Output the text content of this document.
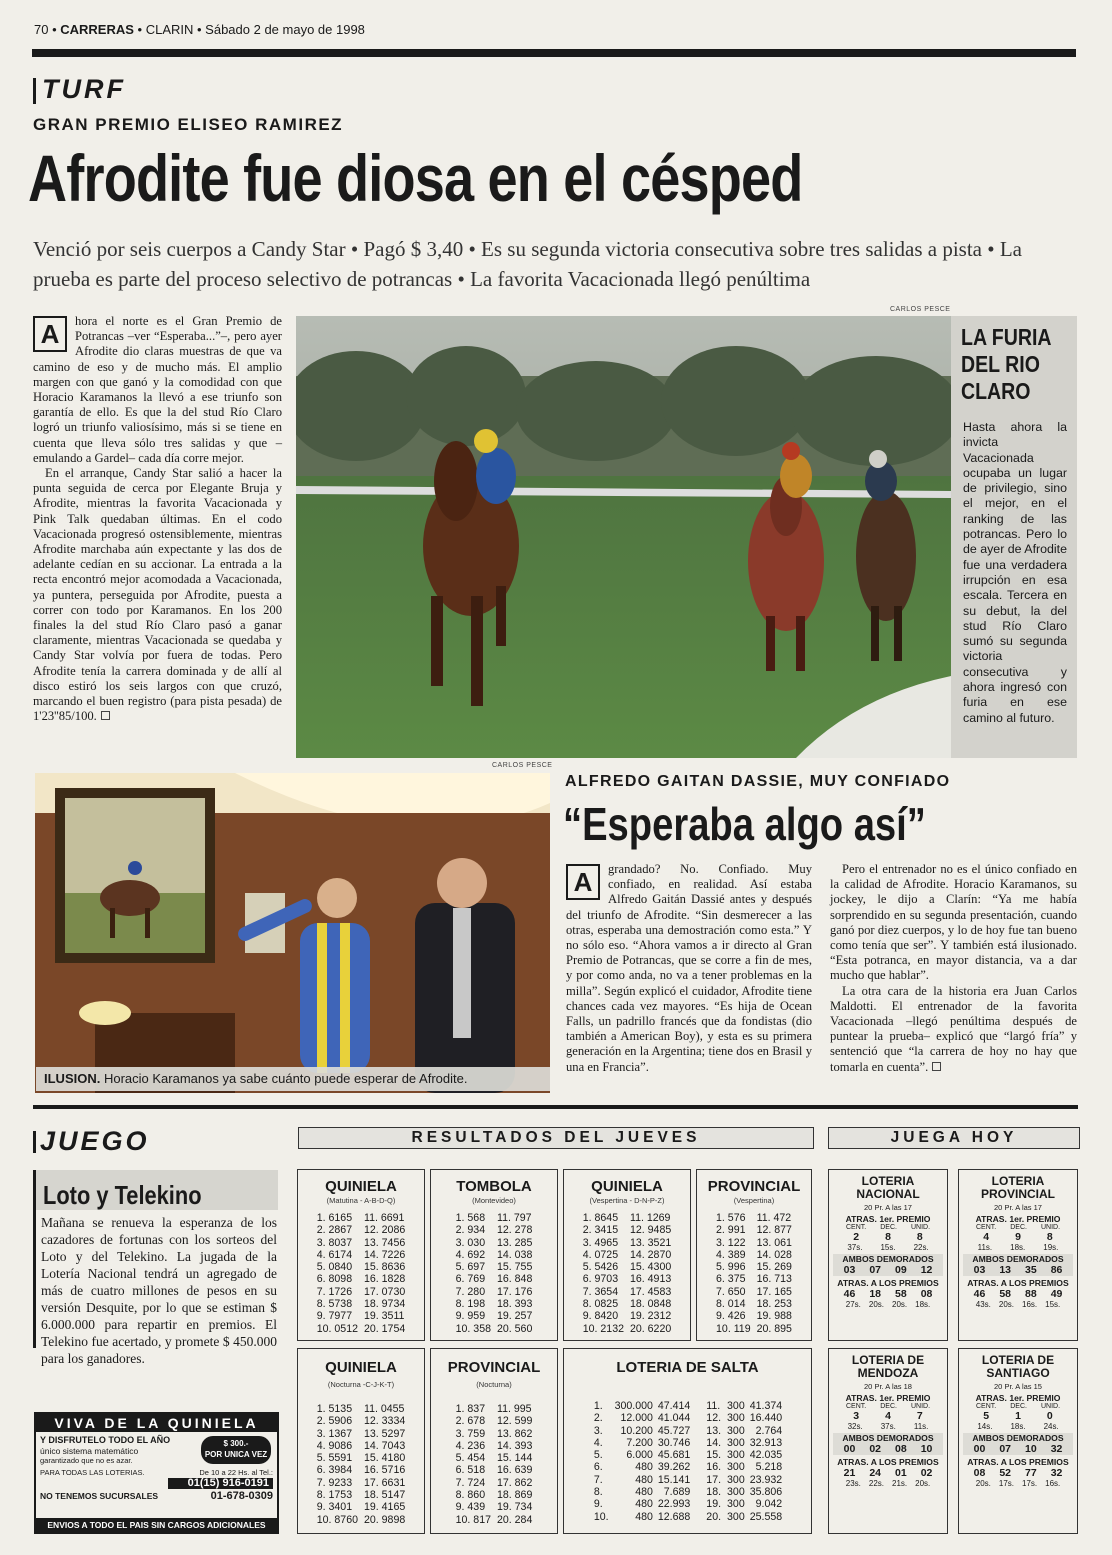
70 • CARRERAS • CLARIN • Sábado 2 de mayo de 1998
TURF
GRAN PREMIO ELISEO RAMIREZ
Afrodite fue diosa en el césped
Venció por seis cuerpos a Candy Star • Pagó $ 3,40 • Es su segunda victoria consecutiva sobre tres salidas a pista • La prueba es parte del proceso selectivo de potrancas • La favorita Vacacionada llegó penúltima

A	hora el norte es el Gran Premio de Potrancas –ver “Esperaba...”–, pero ayer Afrodite dio claras muestras de que va camino de eso y de mucho más. El amplio margen con que ganó y la comodidad con que Horacio Karamanos la llevó a ese triunfo son garantía de ello. Es que la del stud Río Claro logró un triunfo valiosísimo, más si se tiene en cuenta que lleva sólo tres salidas y que –emulando a Gardel– cada día corre mejor.

En el arranque, Candy Star salió a hacer la punta seguida de cerca por Elegante Bruja y Afrodite, mientras la favorita Vacacionada y Pink Talk quedaban últimas. En el codo Vacacionada progresó ostensiblemente, mientras Afrodite marchaba aún expectante y las dos de adelante cedían en su accionar. La entrada a la recta encontró mejor acomodada a Vacacionada, ya puntera, perseguida por Afrodite, puesta a correr con todo por Karamanos. En los 200 finales la del stud Río Claro pasó a ganar claramente, mientras Vacacionada se quedaba y Candy Star volvía por fuera de todas. Pero Afrodite tenía la carrera dominada y de allí al disco estiró los seis largos con que cruzó, marcando el buen registro (para pista pesada) de 1'23''85/100.

CARLOS PESCE
LA FURIA DEL RIO CLARO
Hasta ahora la invicta Vacacionada ocupaba un lugar de privilegio, sino el mejor, en el ranking de las potrancas. Pero lo de ayer de Afrodite fue una verdadera irrupción en esa escala. Tercera en su debut, la del stud Río Claro sumó su segunda victoria consecutiva y ahora ingresó con furia en ese camino al futuro.
CARLOS PESCE
ILUSION. Horacio Karamanos ya sabe cuánto puede esperar de Afrodite.
ALFREDO GAITAN DASSIE, MUY CONFIADO
“Esperaba algo así”

A	grandado? No. Confiado. Muy confiado, en realidad. Así estaba Alfredo Gaitán Dassié antes y después del triunfo de Afrodite. “Sin desmerecer a las otras, esperaba una demostración como esta.” Y no sólo eso. “Ahora vamos a ir directo al Gran Premio de Potrancas, que se corre a fin de mes, y por como anda, no va a tener problemas en la milla”. Según explicó el cuidador, Afrodite tiene chances cada vez mayores. “Es hija de Ocean Falls, un padrillo francés que da fondistas (dio también a American Boy), y esta es su primera generación en la Argentina; tiene dos en Brasil y una en Francia”.

Pero el entrenador no es el único confiado en la calidad de Afrodite. Horacio Karamanos, su jockey, le dijo a Clarín: “Ya me había sorprendido en su segunda presentación, cuando ganó por diez cuerpos, y lo de hoy fue tan bueno como tenía que ser”. Y también está ilusionado. “Esta potranca, en mayor distancia, va a dar mucho que hablar”.

La otra cara de la historia era Juan Carlos Maldotti. El entrenador de la favorita Vacacionada –llegó penúltima después de puntear la prueba– explicó que “largó fría” y sentenció que “la carrera de hoy no hay que tomarla en cuenta”.

JUEGO
Loto y Telekino
Mañana se renueva la esperanza de los cazadores de fortunas con los sorteos del Loto y del Telekino. La jugada de la Lotería Nacional tendrá un agregado de más de cuatro millones de pesos en su versión Desquite, por lo que se estiman $ 6.000.000 para repartir en premios. El Telekino fue acertado, y promete $ 450.000 para los ganadores.
VIVA DE LA QUINIELA
Y DISFRUTELO TODO EL AÑO
único sistema matemático
garantizado que no es azar.
$ 300.-
POR UNICA VEZ
PARA TODAS LAS LOTERIAS.	De 10 a 22 Hs. al Tel.:
01(15) 916-0191
NO TENEMOS SUCURSALES	01-678-0309
ENVIOS A TODO EL PAIS SIN CARGOS ADICIONALES
RESULTADOS DEL JUEVES
QUINIELA
(Matutina - A-B-D-Q)
1. 6165	11. 6691
2. 2867	12. 2086
3. 8037	13. 7456
4. 6174	14. 7226
5. 0840	15. 8636
6. 8098	16. 1828
7. 1726	17. 0730
8. 5738	18. 9734
9. 7977	19. 3511
10. 0512	20. 1754
TOMBOLA
(Montevideo)
1. 568	11. 797
2. 934	12. 278
3. 030	13. 285
4. 692	14. 038
5. 697	15. 755
6. 769	16. 848
7. 280	17. 176
8. 198	18. 393
9. 959	19. 257
10. 358	20. 560
QUINIELA
(Vespertina - D-N-P-Z)
1. 8645	11. 1269
2. 3415	12. 9485
3. 4965	13. 3521
4. 0725	14. 2870
5. 5426	15. 4300
6. 9703	16. 4913
7. 3654	17. 4583
8. 0825	18. 0848
9. 8420	19. 2312
10. 2132	20. 6220
PROVINCIAL
(Vespertina)
1. 576	11. 472
2. 991	12. 877
3. 122	13. 061
4. 389	14. 028
5. 996	15. 269
6. 375	16. 713
7. 650	17. 165
8. 014	18. 253
9. 426	19. 988
10. 119	20. 895
QUINIELA
(Nocturna -C-J-K-T)
1. 5135	11. 0455
2. 5906	12. 3334
3. 1367	13. 5297
4. 9086	14. 7043
5. 5591	15. 4180
6. 3984	16. 5716
7. 9233	17. 6631
8. 1753	18. 5147
9. 3401	19. 4165
10. 8760	20. 9898
PROVINCIAL
(Nocturna)
1. 837	11. 995
2. 678	12. 599
3. 759	13. 862
4. 236	14. 393
5. 454	15. 144
6. 518	16. 639
7. 724	17. 862
8. 860	18. 869
9. 439	19. 734
10. 817	20. 284
LOTERIA DE SALTA
1.	300.000	47.414	11.	300	41.374
2.	12.000	41.044	12.	300	16.440
3.	10.200	45.727	13.	300	2.764
4.	7.200	30.746	14.	300	32.913
5.	6.000	45.681	15.	300	42.035
6.	480	39.262	16.	300	5.218
7.	480	15.141	17.	300	23.932
8.	480	7.689	18.	300	35.806
9.	480	22.993	19.	300	9.042
10.	480	12.688	20.	300	25.558
JUEGA HOY
LOTERIA NACIONAL
20 Pr. A las 17
ATRAS. 1er. PREMIO
CENT. DEC. UNID.
2 8 8
37s. 15s. 22s.
AMBOS DEMORADOS
03 07 09 12
ATRAS. A LOS PREMIOS
46 18 58 08
27s. 20s. 20s. 18s.
LOTERIA PROVINCIAL
20 Pr. A las 17
ATRAS. 1er. PREMIO
CENT. DEC. UNID.
4 9 8
11s. 18s. 19s.
AMBOS DEMORADOS
03 13 35 86
ATRAS. A LOS PREMIOS
46 58 88 49
43s. 20s. 16s. 15s.
LOTERIA DE MENDOZA
20 Pr. A las 18
ATRAS. 1er. PREMIO
CENT. DEC. UNID.
3 4 7
32s. 37s. 11s.
AMBOS DEMORADOS
00 02 08 10
ATRAS. A LOS PREMIOS
21 24 01 02
23s. 22s. 21s. 20s.
LOTERIA DE SANTIAGO
20 Pr. A las 15
ATRAS. 1er. PREMIO
CENT. DEC. UNID.
5 1 0
14s. 18s. 24s.
AMBOS DEMORADOS
00 07 10 32
ATRAS. A LOS PREMIOS
08 52 77 32
20s. 17s. 17s. 16s.
